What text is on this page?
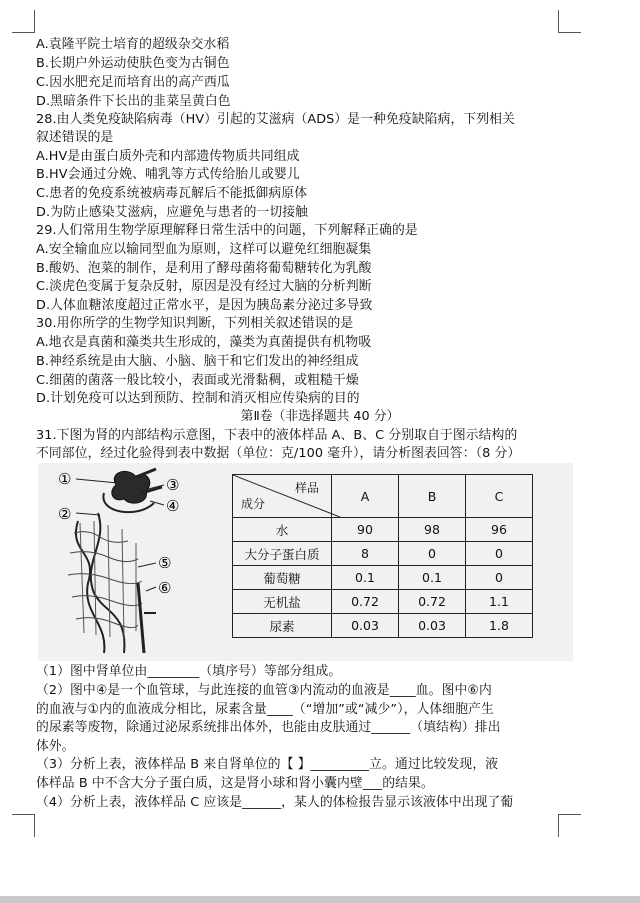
A.袁隆平院士培育的超级杂交水稻
B.长期户外运动使肤色变为古铜色
C.因水肥充足而培育出的高产西瓜
D.黑暗条件下长出的韭菜呈黄白色
28.由人类免疫缺陷病毒（HV）引起的艾滋病（ADS）是一种免疫缺陷病，下列相关
叙述错误的是
A.HV是由蛋白质外壳和内部遗传物质共同组成
B.HV会通过分娩、哺乳等方式传给胎儿或婴儿
C.患者的免疫系统被病毒瓦解后不能抵御病原体
D.为防止感染艾滋病，应避免与患者的一切接触
29.人们常用生物学原理解释日常生活中的问题，下列解释正确的是
A.安全输血应以输同型血为原则，这样可以避免红细胞凝集
B.酸奶、泡菜的制作，是利用了酵母菌将葡萄糖转化为乳酸
C.淡虎色变属于复杂反射，原因是没有经过大脑的分析判断
D.人体血糖浓度超过正常水平，是因为胰岛素分泌过多导致
30.用你所学的生物学知识判断，下列相关叙述错误的是
A.地衣是真菌和藻类共生形成的，藻类为真菌提供有机物吸
B.神经系统是由大脑、小脑、脑干和它们发出的神经组成
C.细菌的菌落一般比较小，表面或光滑黏稠，或粗糙干燥
D.计划免疫可以达到预防、控制和消灭相应传染病的目的
第Ⅱ卷（非选择题共 40 分）
31.下图为肾的内部结构示意图，下表中的液体样品 A、B、C 分别取自于图示结构的
不同部位，经过化验得到表中数据（单位：克/100 毫升），请分析图表回答：（8 分）
①
②
③
④
⑤
⑥
样品
成分	A	B	C
水	90	98	96
大分子蛋白质	8	0	0
葡萄糖	0.1	0.1	0
无机盐	0.72	0.72	1.1
尿素	0.03	0.03	1.8
（1）图中肾单位由________（填序号）等部分组成。
（2）图中④是一个血管球，与此连接的血管③内流动的血液是____血。图中⑥内
的血液与①内的血液成分相比，尿素含量____（“增加”或“减少”），人体细胞产生
的尿素等废物，除通过泌尿系统排出体外，也能由皮肤通过______（填结构）排出
体外。
（3）分析上表，液体样品 B 来自肾单位的【 】_________立。通过比较发现，液
体样品 B 中不含大分子蛋白质，这是肾小球和肾小囊内壁___的结果。
（4）分析上表，液体样品 C 应该是______，某人的体检报告显示该液体中出现了葡
